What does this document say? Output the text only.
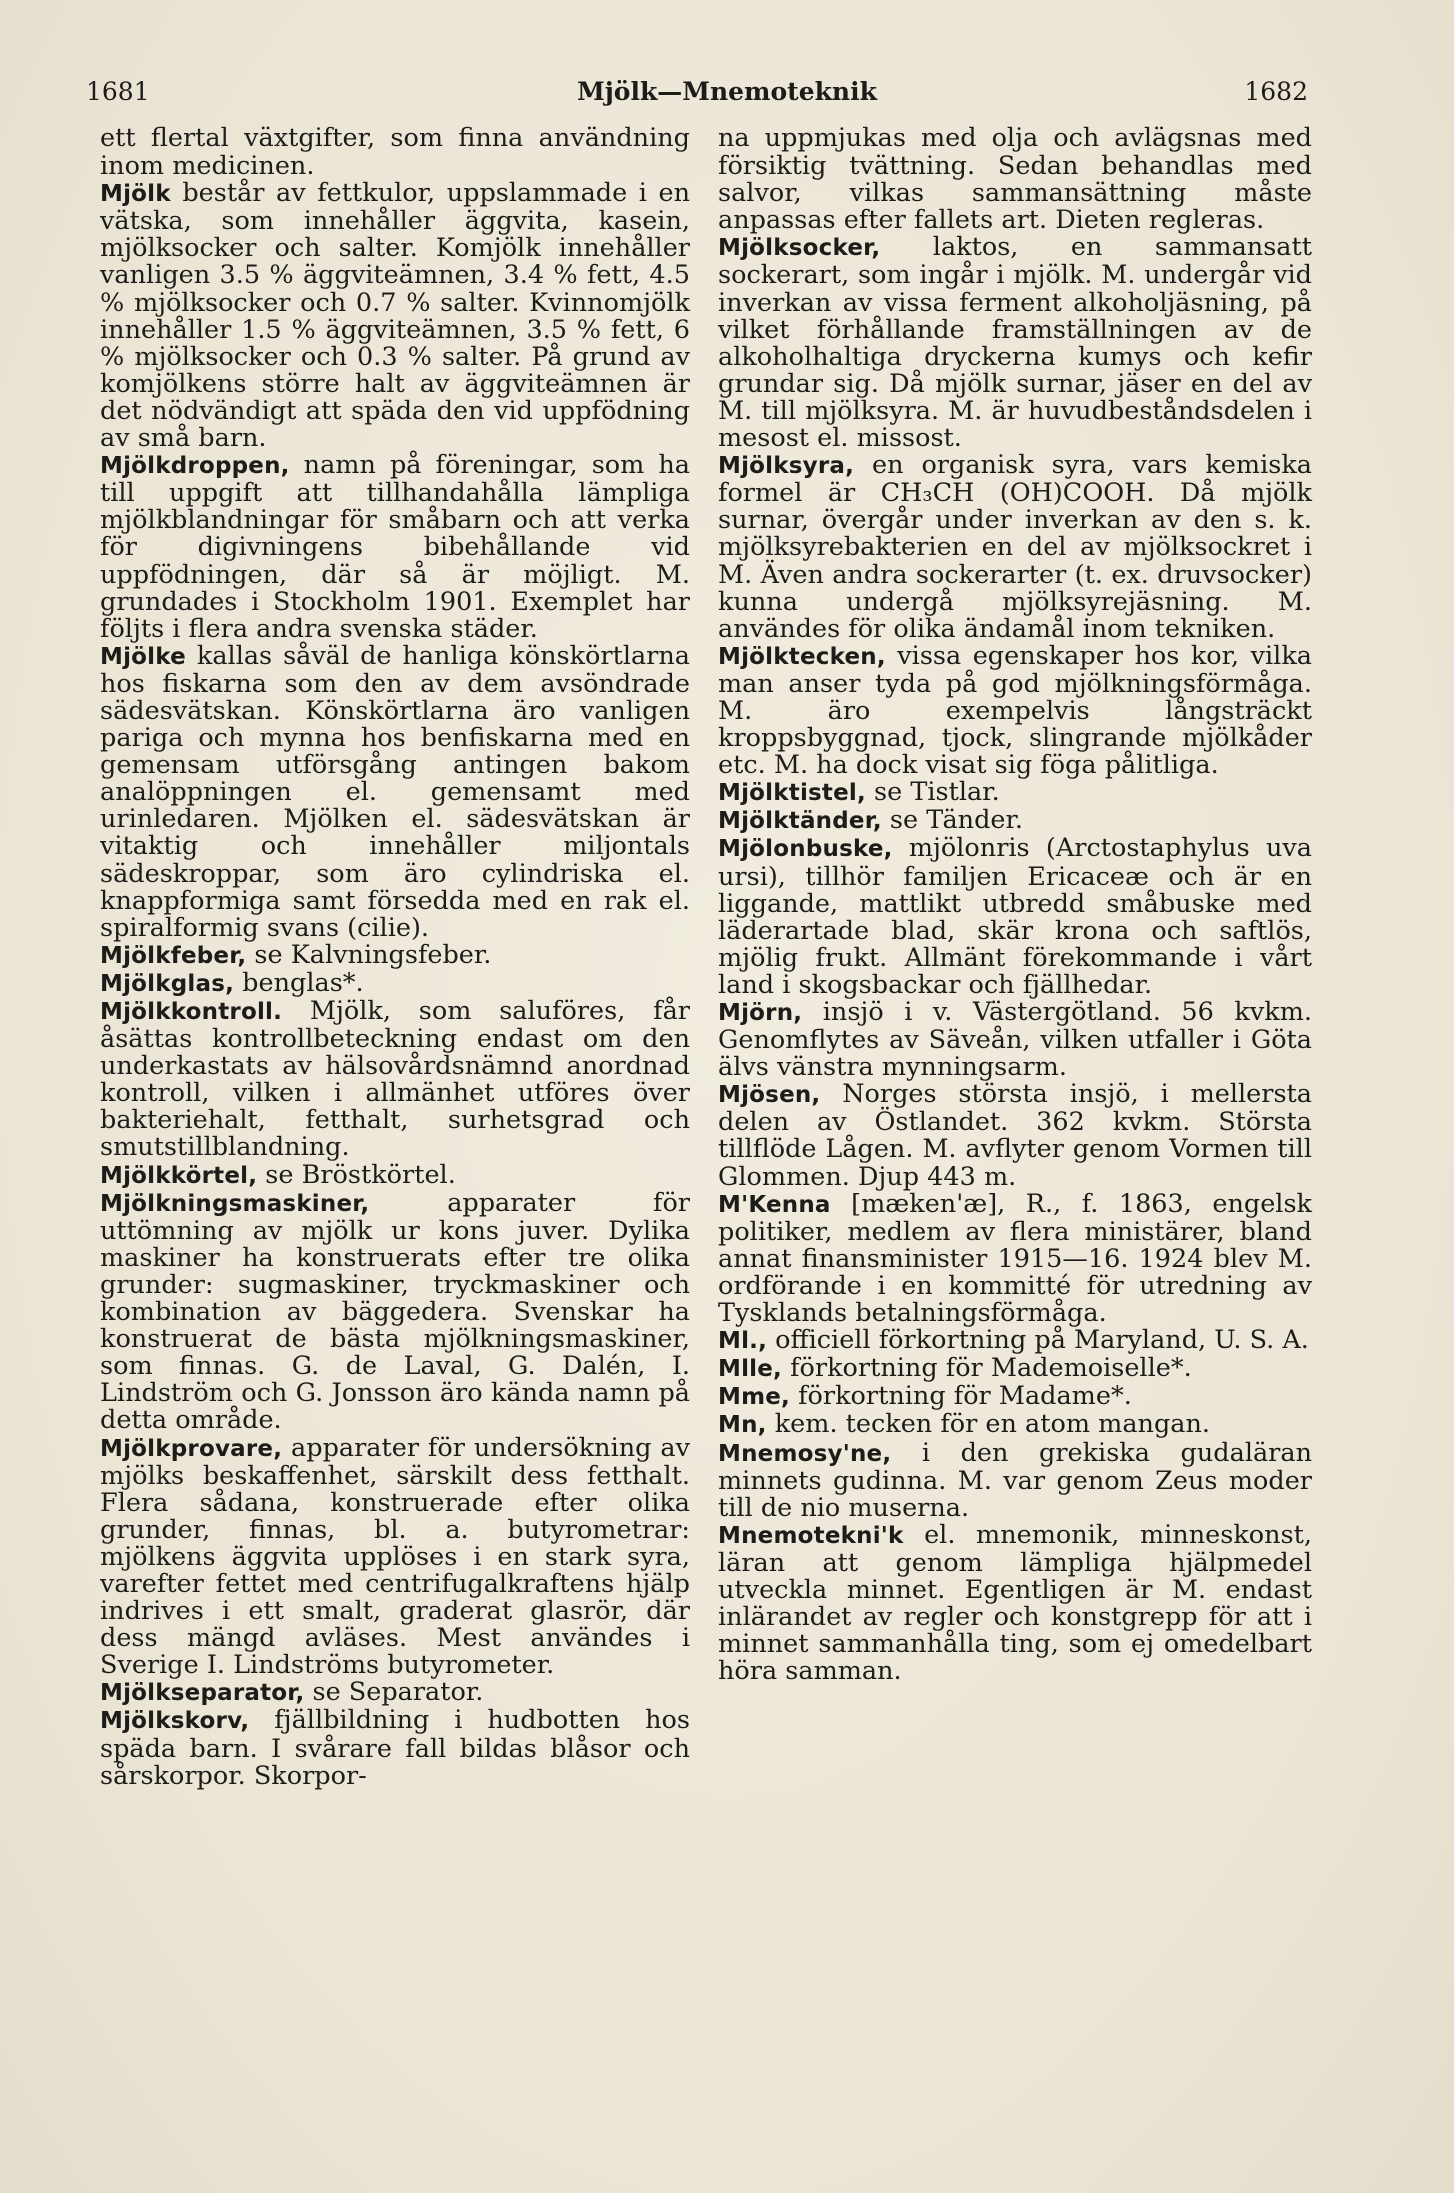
1681	Mjölk—Mnemoteknik	1682

ett flertal växtgifter, som finna användning inom medicinen.

Mjölk består av fettkulor, uppslammade i en vätska, som innehåller äggvita, kasein, mjölksocker och salter. Komjölk innehåller vanligen 3.5 % äggviteämnen, 3.4 % fett, 4.5 % mjölksocker och 0.7 % salter. Kvinnomjölk innehåller 1.5 % äggviteämnen, 3.5 % fett, 6 % mjölksocker och 0.3 % salter. På grund av komjölkens större halt av äggviteämnen är det nödvändigt att späda den vid uppfödning av små barn.

Mjölkdroppen, namn på föreningar, som ha till uppgift att tillhandahålla lämpliga mjölkblandningar för småbarn och att verka för digivningens bibehållande vid uppfödningen, där så är möjligt. M. grundades i Stockholm 1901. Exemplet har följts i flera andra svenska städer.

Mjölke kallas såväl de hanliga könskörtlarna hos fiskarna som den av dem avsöndrade sädesvätskan. Könskörtlarna äro vanligen pariga och mynna hos benfiskarna med en gemensam utförsgång antingen bakom analöppningen el. gemensamt med urinledaren. Mjölken el. sädesvätskan är vitaktig och innehåller miljontals sädeskroppar, som äro cylindriska el. knappformiga samt försedda med en rak el. spiralformig svans (cilie).

Mjölkfeber, se Kalvningsfeber.

Mjölkglas, benglas*.

Mjölkkontroll. Mjölk, som saluföres, får åsättas kontrollbeteckning endast om den underkastats av hälsovårdsnämnd anordnad kontroll, vilken i allmänhet utföres över bakteriehalt, fetthalt, surhetsgrad och smutstillblandning.

Mjölkkörtel, se Bröstkörtel.

Mjölkningsmaskiner, apparater för uttömning av mjölk ur kons juver. Dylika maskiner ha konstruerats efter tre olika grunder: sugmaskiner, tryckmaskiner och kombination av bäggedera. Svenskar ha konstruerat de bästa mjölkningsmaskiner, som finnas. G. de Laval, G. Dalén, I. Lindström och G. Jonsson äro kända namn på detta område.

Mjölkprovare, apparater för undersökning av mjölks beskaffenhet, särskilt dess fetthalt. Flera sådana, konstruerade efter olika grunder, finnas, bl. a. butyrometrar: mjölkens äggvita upplöses i en stark syra, varefter fettet med centrifugalkraftens hjälp indrives i ett smalt, graderat glasrör, där dess mängd avläses. Mest användes i Sverige I. Lindströms butyrometer.

Mjölkseparator, se Separator.

Mjölkskorv, fjällbildning i hudbotten hos späda barn. I svårare fall bildas blåsor och sårskorpor. Skorpor-

na uppmjukas med olja och avlägsnas med försiktig tvättning. Sedan behandlas med salvor, vilkas sammansättning måste anpassas efter fallets art. Dieten regleras.

Mjölksocker, laktos, en sammansatt sockerart, som ingår i mjölk. M. undergår vid inverkan av vissa ferment alkoholjäsning, på vilket förhållande framställningen av de alkoholhaltiga dryckerna kumys och kefir grundar sig. Då mjölk surnar, jäser en del av M. till mjölksyra. M. är huvudbeståndsdelen i mesost el. missost.

Mjölksyra, en organisk syra, vars kemiska formel är CH₃CH (OH)COOH. Då mjölk surnar, övergår under inverkan av den s. k. mjölksyrebakterien en del av mjölksockret i M. Även andra sockerarter (t. ex. druvsocker) kunna undergå mjölksyrejäsning. M. användes för olika ändamål inom tekniken.

Mjölktecken, vissa egenskaper hos kor, vilka man anser tyda på god mjölkningsförmåga. M. äro exempelvis långsträckt kroppsbyggnad, tjock, slingrande mjölkåder etc. M. ha dock visat sig föga pålitliga.

Mjölktistel, se Tistlar.

Mjölktänder, se Tänder.

Mjölonbuske, mjölonris (Arctostaphylus uva ursi), tillhör familjen Ericaceæ och är en liggande, mattlikt utbredd småbuske med läderartade blad, skär krona och saftlös, mjölig frukt. Allmänt förekommande i vårt land i skogsbackar och fjällhedar.

Mjörn, insjö i v. Västergötland. 56 kvkm. Genomflytes av Säveån, vilken utfaller i Göta älvs vänstra mynningsarm.

Mjösen, Norges största insjö, i mellersta delen av Östlandet. 362 kvkm. Största tillflöde Lågen. M. avflyter genom Vormen till Glommen. Djup 443 m.

M'Kenna [mæken'æ], R., f. 1863, engelsk politiker, medlem av flera ministärer, bland annat finansminister 1915—16. 1924 blev M. ordförande i en kommitté för utredning av Tysklands betalningsförmåga.

Ml., officiell förkortning på Maryland, U. S. A.

Mlle, förkortning för Mademoiselle*.

Mme, förkortning för Madame*.

Mn, kem. tecken för en atom mangan.

Mnemosy'ne, i den grekiska gudaläran minnets gudinna. M. var genom Zeus moder till de nio muserna.

Mnemotekni'k el. mnemonik, minneskonst, läran att genom lämpliga hjälpmedel utveckla minnet. Egentligen är M. endast inlärandet av regler och konstgrepp för att i minnet sammanhålla ting, som ej omedelbart höra samman.
